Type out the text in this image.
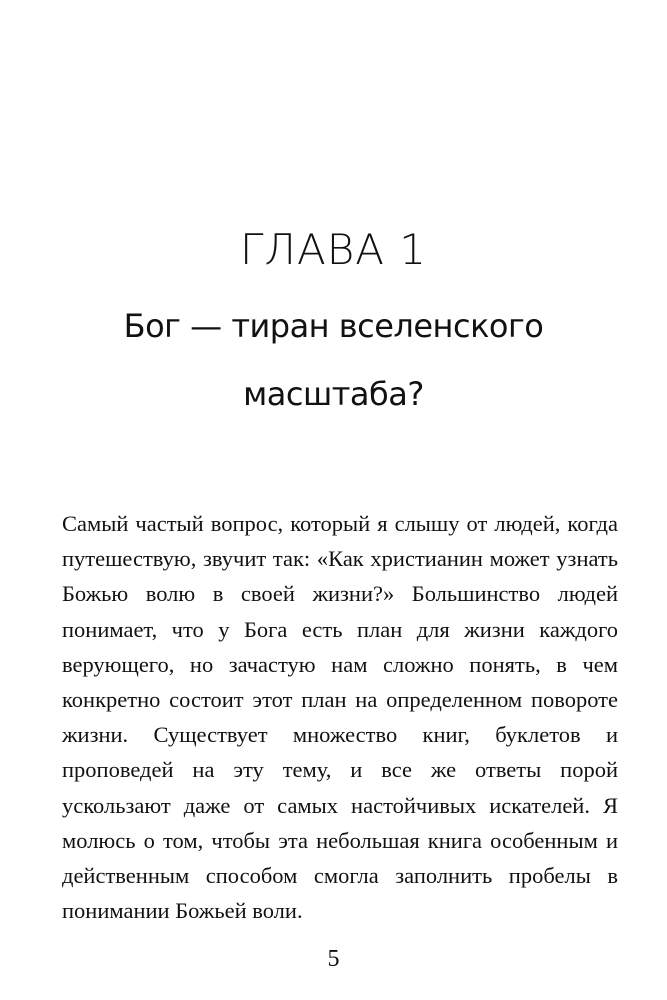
ГЛАВА 1
Бог — тиран вселенского масштаба?

Самый частый вопрос, который я слышу от людей, когда путешествую, звучит так: «Как христианин может узнать Божью волю в своей жизни?» Большинство людей понимает, что у Бога есть план для жизни каждого верующего, но зачастую нам сложно понять, в чем конкретно состоит этот план на определенном повороте жизни. Существует множество книг, буклетов и проповедей на эту тему, и все же ответы порой ускользают даже от самых настойчивых искателей. Я молюсь о том, чтобы эта небольшая книга особенным и действенным способом смогла заполнить пробелы в понимании Божьей воли.

5
